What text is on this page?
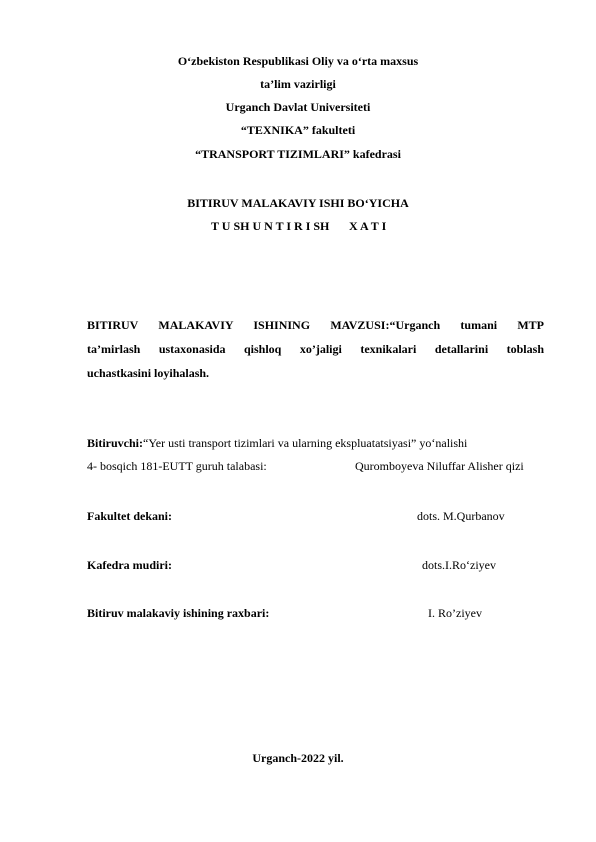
O‘zbekiston Respublikasi Oliy va o‘rta maxsus
ta’lim vazirligi
Urganch Davlat Universiteti
“TEXNIKA” fakulteti
“TRANSPORT TIZIMLARI” kafedrasi
BITIRUV MALAKAVIY ISHI BO‘YICHA
T U SH U N T I R I SH X A T I
BITIRUV MALAKAVIY ISHINING MAVZUSI:“Urganch tumani MTP
ta’mirlash ustaxonasida qishloq xo’jaligi texnikalari detallarini toblash
uchastkasini loyihalash.
Bitiruvchi:“Yer usti transport tizimlari va ularning ekspluatatsiyasi” yo‘nalishi
4- bosqich 181-EUTT guruh talabasi:	Quromboyeva Niluffar Alisher qizi
Fakultet dekani:	dots. M.Qurbanov
Kafedra mudiri:	dots.I.Ro‘ziyev
Bitiruv malakaviy ishining raxbari:	I. Ro’ziyev
Urganch-2022 yil.
